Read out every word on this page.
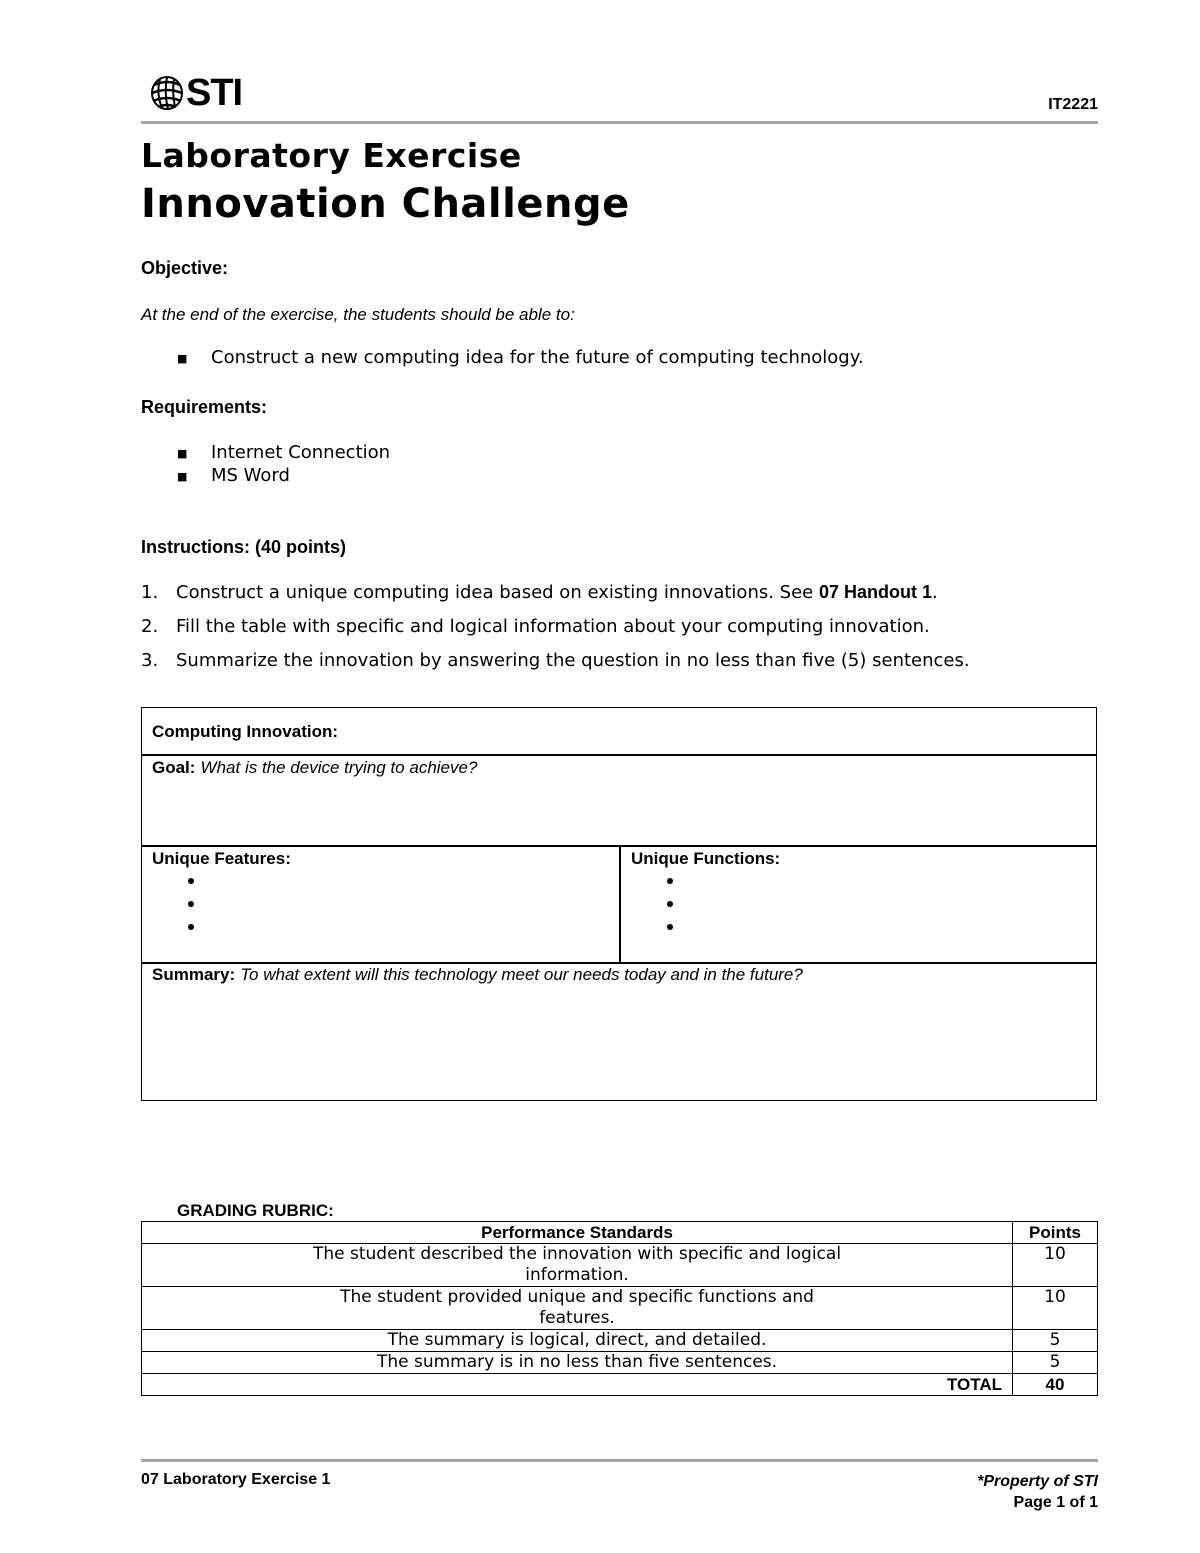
STI	IT2221
Laboratory Exercise
Innovation Challenge
Objective:
At the end of the exercise, the students should be able to:
■ Construct a new computing idea for the future of computing technology.
Requirements:
■ Internet Connection
■ MS Word
Instructions: (40 points)
1. Construct a unique computing idea based on existing innovations. See 07 Handout 1.
2. Fill the table with specific and logical information about your computing innovation.
3. Summarize the innovation by answering the question in no less than five (5) sentences.
Computing Innovation:
Goal: What is the device trying to achieve?
Unique Features:	Unique Functions:
Summary: To what extent will this technology meet our needs today and in the future?
GRADING RUBRIC:
Performance Standards	Points
The student described the innovation with specific and logical
information.	10
The student provided unique and specific functions and
features.	10
The summary is logical, direct, and detailed.	5
The summary is in no less than five sentences.	5
TOTAL	40
07 Laboratory Exercise 1	*Property of STI
Page 1 of 1
